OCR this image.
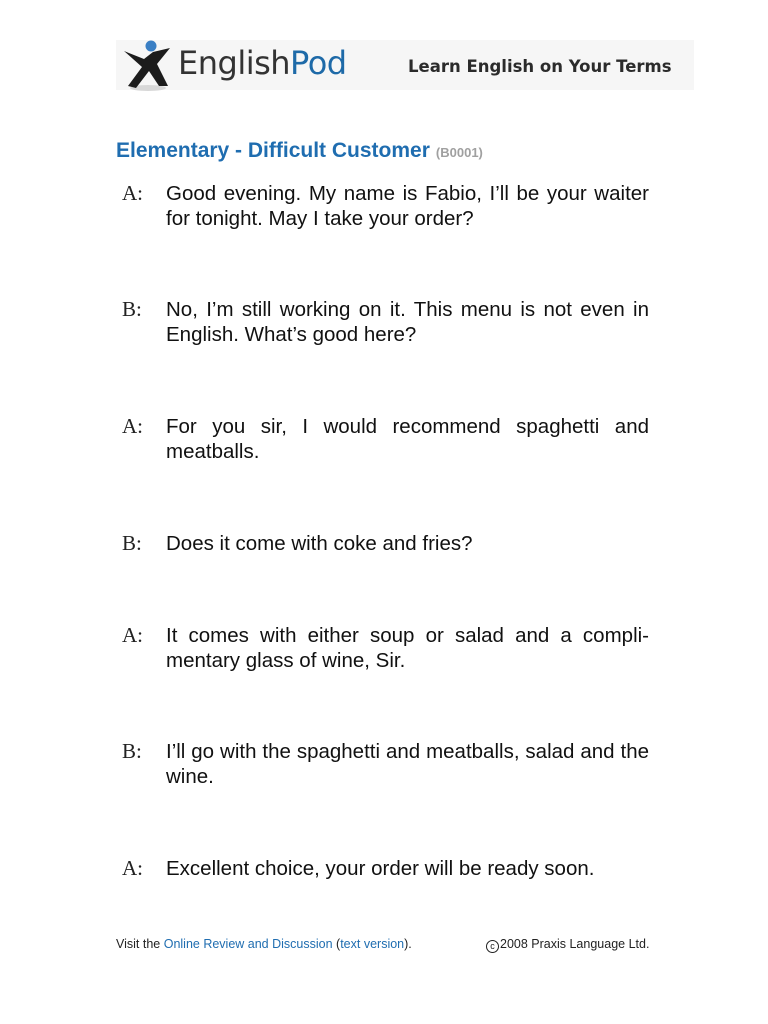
EnglishPod	Learn English on Your Terms
Elementary - Difficult Customer (B0001)
A: Good evening. My name is Fabio, I’ll be your waiter for tonight. May I take your order?
B: No, I’m still working on it. This menu is not even in English. What’s good here?
A: For you sir, I would recommend spaghetti and meatballs.
B: Does it come with coke and fries?
A: It comes with either soup or salad and a compli-mentary glass of wine, Sir.
B: I’ll go with the spaghetti and meatballs, salad and the wine.
A: Excellent choice, your order will be ready soon.
Visit the Online Review and Discussion (text version).	c 2008 Praxis Language Ltd.
